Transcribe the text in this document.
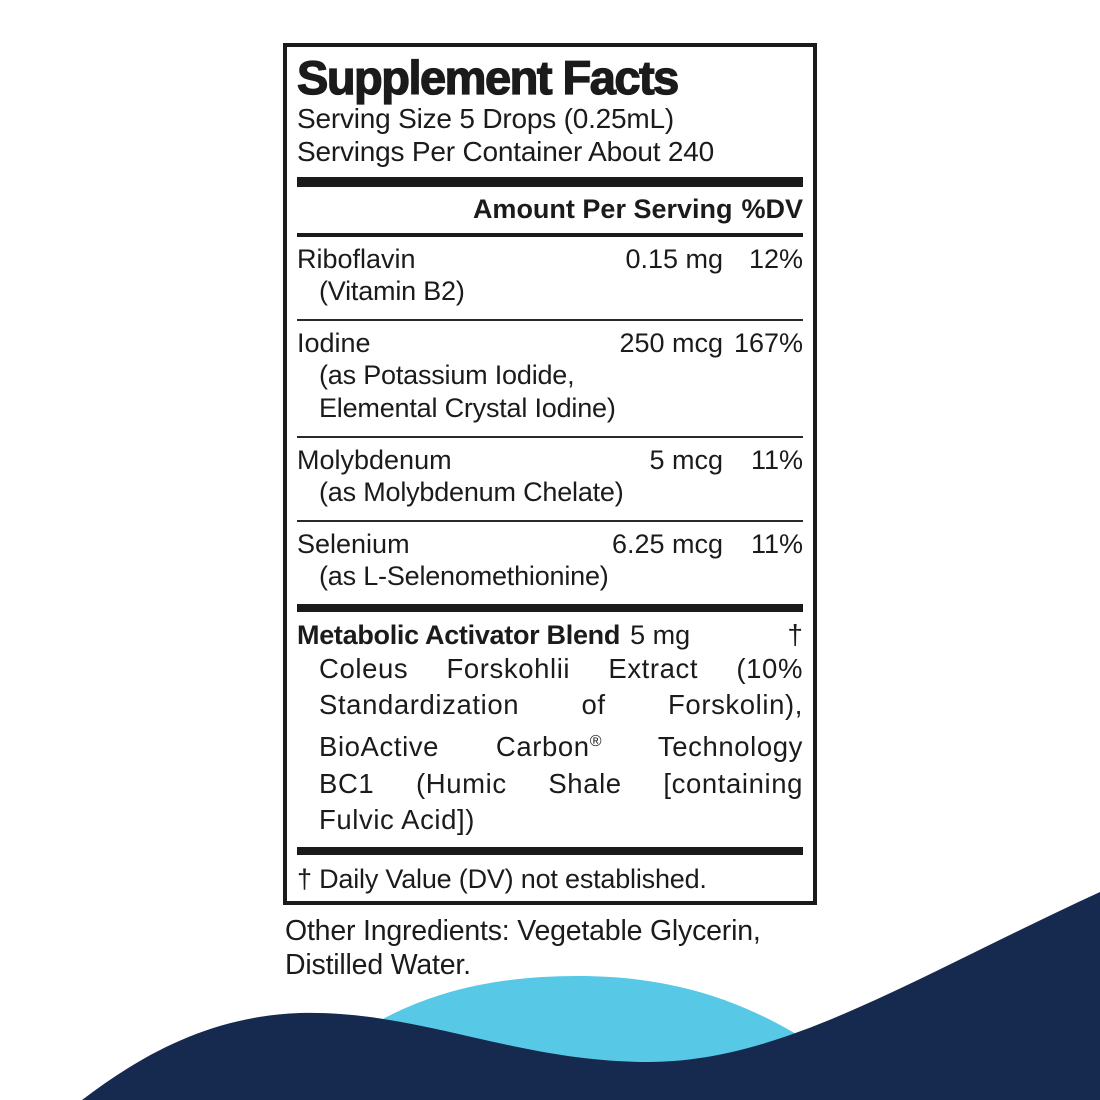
Supplement Facts
Serving Size 5 Drops (0.25mL)
Servings Per Container About 240
Amount Per Serving %DV
Riboflavin	0.15 mg 12%
(Vitamin B2)
Iodine	250 mcg 167%
(as Potassium Iodide,
Elemental Crystal Iodine)
Molybdenum	5 mcg	11%
(as Molybdenum Chelate)
Selenium	6.25 mcg	11%
(as L-Selenomethionine)
Metabolic Activator Blend 5 mg	†
Coleus Forskohlii Extract (10%
Standardization of Forskolin),
BioActive Carbon® Technology
BC1 (Humic Shale [containing
Fulvic Acid])
† Daily Value (DV) not established.
Other Ingredients: Vegetable Glycerin, Distilled Water.
